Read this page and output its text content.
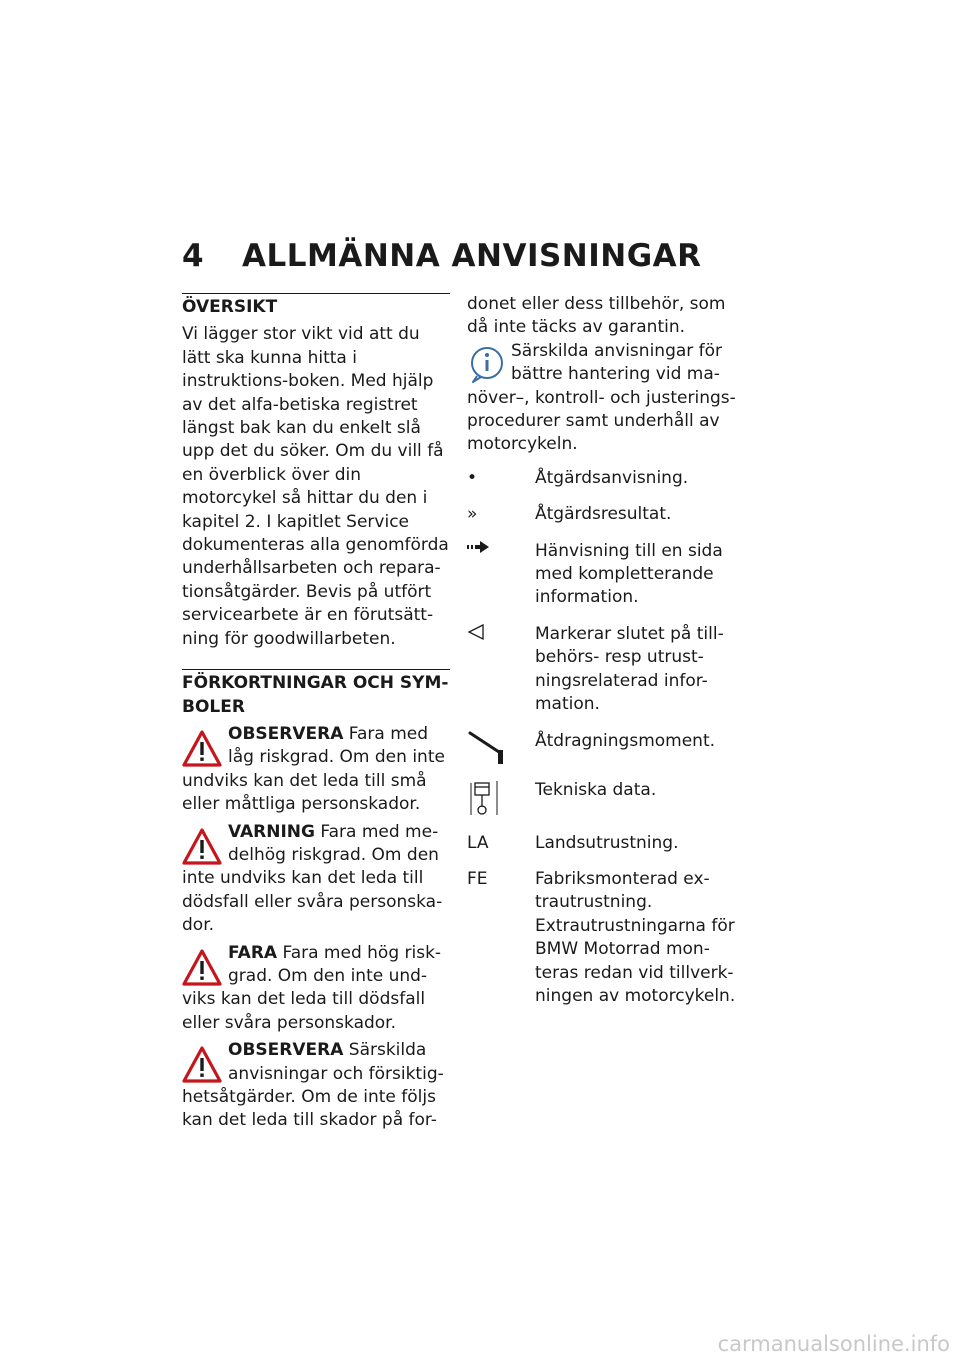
4 ALLMÄNNA ANVISNINGAR
ÖVERSIKT

Vi lägger stor vikt vid att du lätt ska kunna hitta i instruktions-boken. Med hjälp av det alfa-betiska registret längst bak kan du enkelt slå upp det du söker. Om du vill få en överblick över din motorcykel så hittar du den i kapitel 2. I kapitlet Service dokumenteras alla genomförda underhållsarbeten och repara-tionsåtgärder. Bevis på utfört servicearbete är en förutsätt-ning för goodwillarbeten.

FÖRKORTNINGAR OCH SYM-BOLER
OBSERVERA Fara med låg riskgrad. Om den inte undviks kan det leda till små eller måttliga personskador.
VARNING Fara med me-delhög riskgrad. Om den inte undviks kan det leda till dödsfall eller svåra personska-dor.
FARA Fara med hög risk-grad. Om den inte und-viks kan det leda till dödsfall eller svåra personskador.
OBSERVERA Särskilda anvisningar och försiktig-hetsåtgärder. Om de inte följs kan det leda till skador på for-

donet eller dess tillbehör, som då inte täcks av garantin.

Särskilda anvisningar för bättre hantering vid ma-növer–, kontroll- och justerings-procedurer samt underhåll av motorcykeln.
•	Åtgärdsanvisning.
»	Åtgärdsresultat.
Hänvisning till en sida med kompletterande information.
Markerar slutet på till-behörs- resp utrust-ningsrelaterad infor-mation.
Åtdragningsmoment.
Tekniska data.
LA	Landsutrustning.
FE	Fabriksmonterad ex-trautrustning. Extrautrustningarna för BMW Motorrad mon-teras redan vid tillverk-ningen av motorcykeln.
carmanualsonline.info
